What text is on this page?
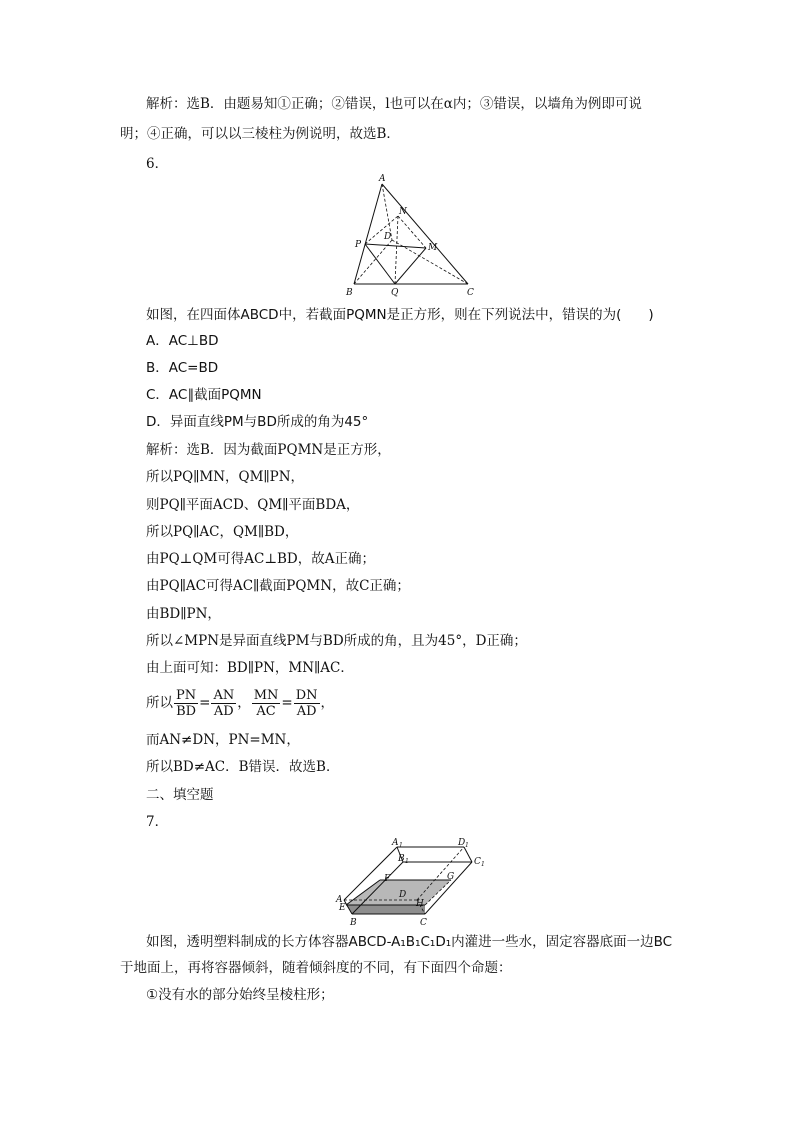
解析：选B．由题易知①正确；②错误，l也可以在α内；③错误，以墙角为例即可说
明；④正确，可以以三棱柱为例说明，故选B．
6．
A
N
D
P	M
B	Q	C
如图，在四面体ABCD中，若截面PQMN是正方形，则在下列说法中，错误的为(　　)
A．AC⊥BD
B．AC=BD
C．AC∥截面PQMN
D．异面直线PM与BD所成的角为45°
解析：选B．因为截面PQMN是正方形，
所以PQ∥MN，QM∥PN，
则PQ∥平面ACD、QM∥平面BDA，
所以PQ∥AC，QM∥BD，
由PQ⊥QM可得AC⊥BD，故A正确；
由PQ∥AC可得AC∥截面PQMN，故C正确；
由BD∥PN，
所以∠MPN是异面直线PM与BD所成的角，且为45°，D正确；
由上面可知：BD∥PN，MN∥AC．
所以 $\frac{PN}{BD} = \frac{AN}{AD}$ ， $\frac{MN}{AC} = \frac{DN}{AD}$ ，
而AN≠DN，PN=MN，
所以BD≠AC．B错误．故选B．
二、填空题
7．
A 1	D 1
B 1	C 1
F	G
A	D
E	H
B	C
如图，透明塑料制成的长方体容器ABCD-A₁B₁C₁D₁内灌进一些水，固定容器底面一边BC
于地面上，再将容器倾斜，随着倾斜度的不同，有下面四个命题：
①没有水的部分始终呈棱柱形；
